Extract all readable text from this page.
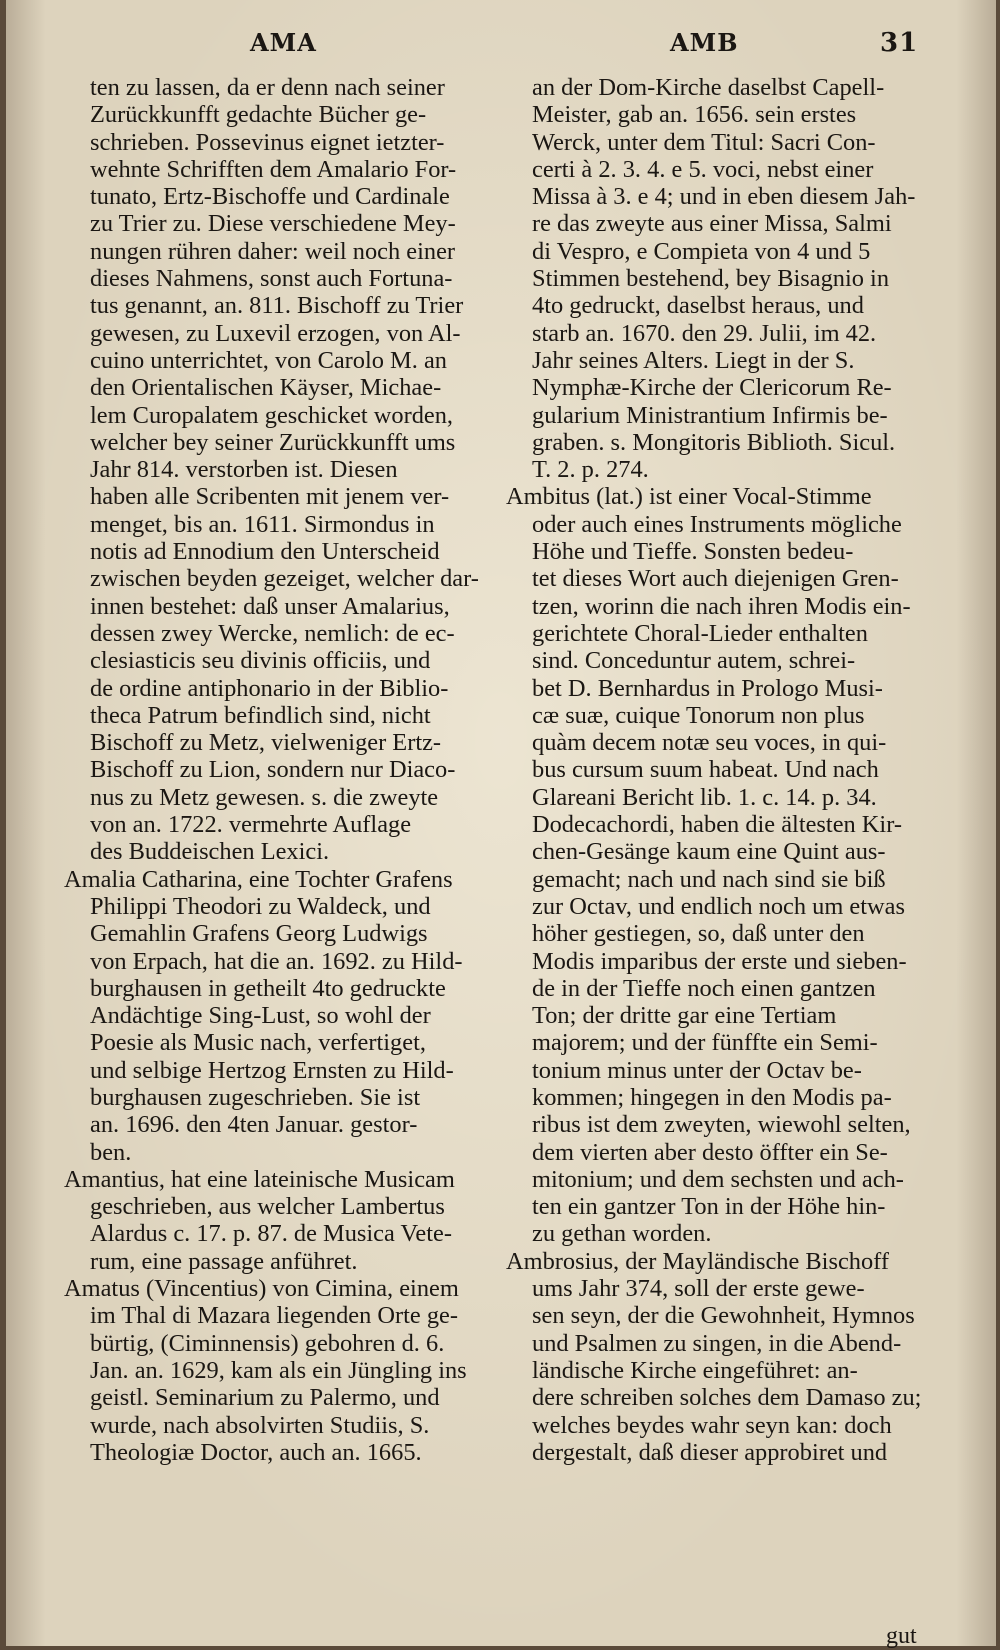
AMA	AMB	31
ten zu lassen, da er denn nach seiner
Zurückkunfft gedachte Bücher ge-
schrieben. Possevinus eignet ietzter-
wehnte Schrifften dem Amalario For-
tunato, Ertz-Bischoffe und Cardinale
zu Trier zu. Diese verschiedene Mey-
nungen rühren daher: weil noch einer
dieses Nahmens, sonst auch Fortuna-
tus genannt, an. 811. Bischoff zu Trier
gewesen, zu Luxevil erzogen, von Al-
cuino unterrichtet, von Carolo M. an
den Orientalischen Käyser, Michae-
lem Curopalatem geschicket worden,
welcher bey seiner Zurückkunfft ums
Jahr 814. verstorben ist. Diesen
haben alle Scribenten mit jenem ver-
menget, bis an. 1611. Sirmondus in
notis ad Ennodium den Unterscheid
zwischen beyden gezeiget, welcher dar-
innen bestehet: daß unser Amalarius,
dessen zwey Wercke, nemlich: de ec-
clesiasticis seu divinis officiis, und
de ordine antiphonario in der Biblio-
theca Patrum befindlich sind, nicht
Bischoff zu Metz, vielweniger Ertz-
Bischoff zu Lion, sondern nur Diaco-
nus zu Metz gewesen. s. die zweyte
von an. 1722. vermehrte Auflage
des Buddeischen Lexici.
Amalia Catharina, eine Tochter Grafens
Philippi Theodori zu Waldeck, und
Gemahlin Grafens Georg Ludwigs
von Erpach, hat die an. 1692. zu Hild-
burghausen in getheilt 4to gedruckte
Andächtige Sing-Lust, so wohl der
Poesie als Music nach, verfertiget,
und selbige Hertzog Ernsten zu Hild-
burghausen zugeschrieben. Sie ist
an. 1696. den 4ten Januar. gestor-
ben.
Amantius, hat eine lateinische Musicam
geschrieben, aus welcher Lambertus
Alardus c. 17. p. 87. de Musica Vete-
rum, eine passage anführet.
Amatus (Vincentius) von Cimina, einem
im Thal di Mazara liegenden Orte ge-
bürtig, (Ciminnensis) gebohren d. 6.
Jan. an. 1629, kam als ein Jüngling ins
geistl. Seminarium zu Palermo, und
wurde, nach absolvirten Studiis, S.
Theologiæ Doctor, auch an. 1665.
an der Dom-Kirche daselbst Capell-
Meister, gab an. 1656. sein erstes
Werck, unter dem Titul: Sacri Con-
certi à 2. 3. 4. e 5. voci, nebst einer
Missa à 3. e 4; und in eben diesem Jah-
re das zweyte aus einer Missa, Salmi
di Vespro, e Compieta von 4 und 5
Stimmen bestehend, bey Bisagnio in
4to gedruckt, daselbst heraus, und
starb an. 1670. den 29. Julii, im 42.
Jahr seines Alters. Liegt in der S.
Nymphæ-Kirche der Clericorum Re-
gularium Ministrantium Infirmis be-
graben. s. Mongitoris Biblioth. Sicul.
T. 2. p. 274.
Ambitus (lat.) ist einer Vocal-Stimme
oder auch eines Instruments mögliche
Höhe und Tieffe. Sonsten bedeu-
tet dieses Wort auch diejenigen Gren-
tzen, worinn die nach ihren Modis ein-
gerichtete Choral-Lieder enthalten
sind. Conceduntur autem, schrei-
bet D. Bernhardus in Prologo Musi-
cæ suæ, cuique Tonorum non plus
quàm decem notæ seu voces, in qui-
bus cursum suum habeat. Und nach
Glareani Bericht lib. 1. c. 14. p. 34.
Dodecachordi, haben die ältesten Kir-
chen-Gesänge kaum eine Quint aus-
gemacht; nach und nach sind sie biß
zur Octav, und endlich noch um etwas
höher gestiegen, so, daß unter den
Modis imparibus der erste und sieben-
de in der Tieffe noch einen gantzen
Ton; der dritte gar eine Tertiam
majorem; und der fünffte ein Semi-
tonium minus unter der Octav be-
kommen; hingegen in den Modis pa-
ribus ist dem zweyten, wiewohl selten,
dem vierten aber desto öffter ein Se-
mitonium; und dem sechsten und ach-
ten ein gantzer Ton in der Höhe hin-
zu gethan worden.
Ambrosius, der Mayländische Bischoff
ums Jahr 374, soll der erste gewe-
sen seyn, der die Gewohnheit, Hymnos
und Psalmen zu singen, in die Abend-
ländische Kirche eingeführet: an-
dere schreiben solches dem Damaso zu;
welches beydes wahr seyn kan: doch
dergestalt, daß dieser approbiret und
gut
